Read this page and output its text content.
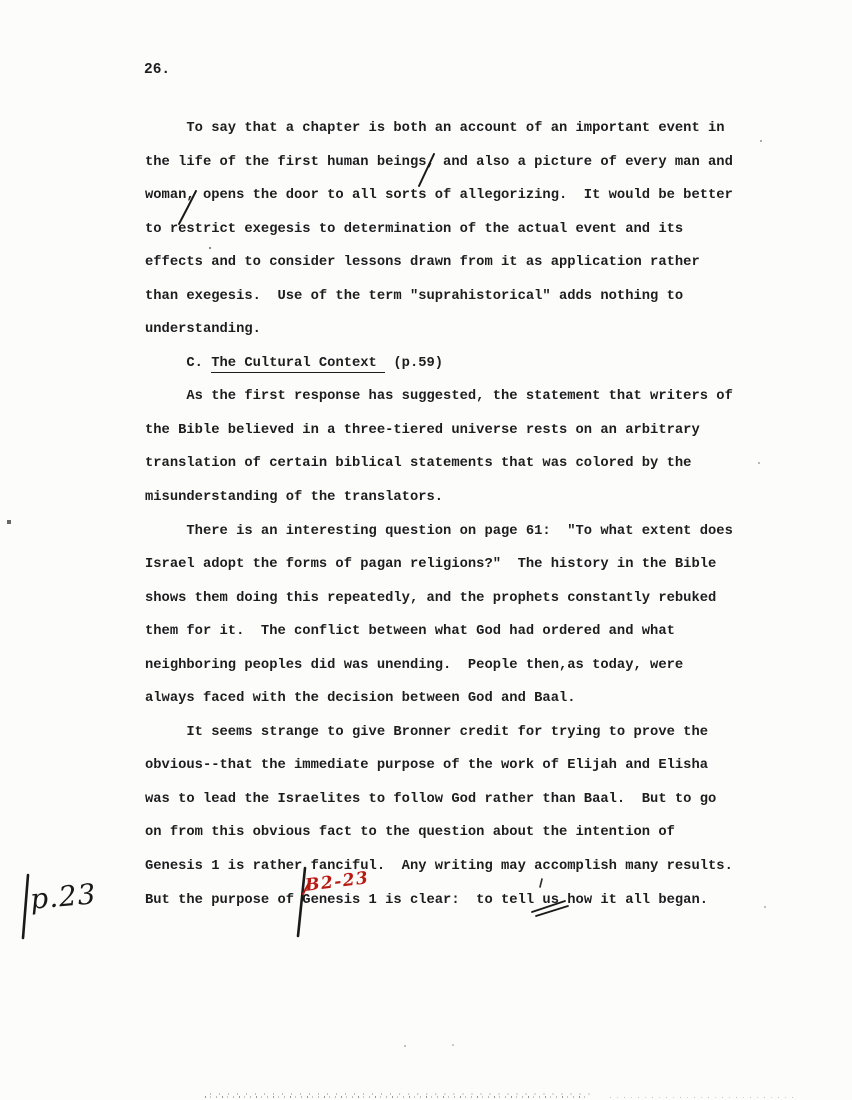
26.
To say that a chapter is both an account of an important event in
the life of the first human beings, and also a picture of every man and
woman, opens the door to all sorts of allegorizing.  It would be better
to restrict exegesis to determination of the actual event and its
effects and to consider lessons drawn from it as application rather
than exegesis.  Use of the term "suprahistorical" adds nothing to
understanding.
C. The Cultural Context  (p.59)
As the first response has suggested, the statement that writers of
the Bible believed in a three-tiered universe rests on an arbitrary
translation of certain biblical statements that was colored by the
misunderstanding of the translators.
There is an interesting question on page 61:  "To what extent does
Israel adopt the forms of pagan religions?"  The history in the Bible
shows them doing this repeatedly, and the prophets constantly rebuked
them for it.  The conflict between what God had ordered and what
neighboring peoples did was unending.  People then,as today, were
always faced with the decision between God and Baal.
It seems strange to give Bronner credit for trying to prove the
obvious--that the immediate purpose of the work of Elijah and Elisha
was to lead the Israelites to follow God rather than Baal.  But to go
on from this obvious fact to the question about the intention of
Genesis 1 is rather fanciful.  Any writing may accomplish many results.
But the purpose of Genesis 1 is clear:  to tell us how it all began.
p.23	B2-23
